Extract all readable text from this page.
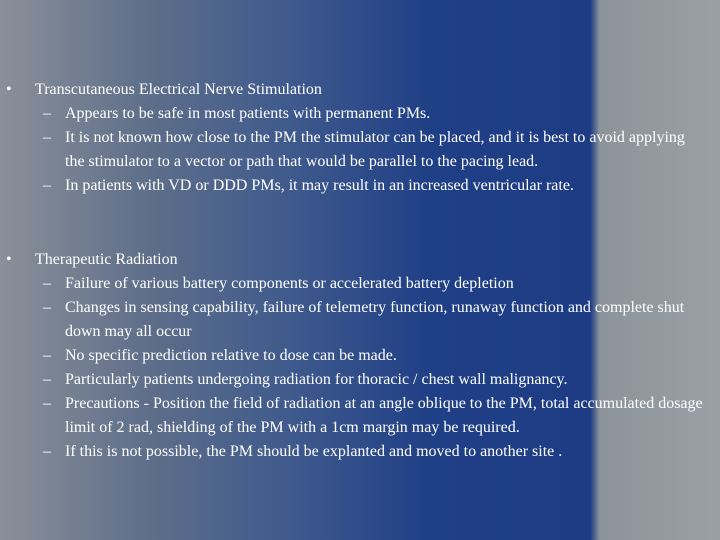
• Transcutaneous Electrical Nerve Stimulation
– Appears to be safe in most patients with permanent PMs.
– It is not known how close to the PM the stimulator can be placed, and it is best to avoid applying the stimulator to a vector or path that would be parallel to the pacing lead.
– In patients with VD or DDD PMs, it may result in an increased ventricular rate.
• Therapeutic Radiation
– Failure of various battery components or accelerated battery depletion
– Changes in sensing capability, failure of telemetry function, runaway function and complete shut down may all occur
– No specific prediction relative to dose can be made.
– Particularly patients undergoing radiation for thoracic / chest wall malignancy.
– Precautions - Position the field of radiation at an angle oblique to the PM, total accumulated dosage limit of 2 rad, shielding of the PM with a 1cm margin may be required.
– If this is not possible, the PM should be explanted and moved to another site .
